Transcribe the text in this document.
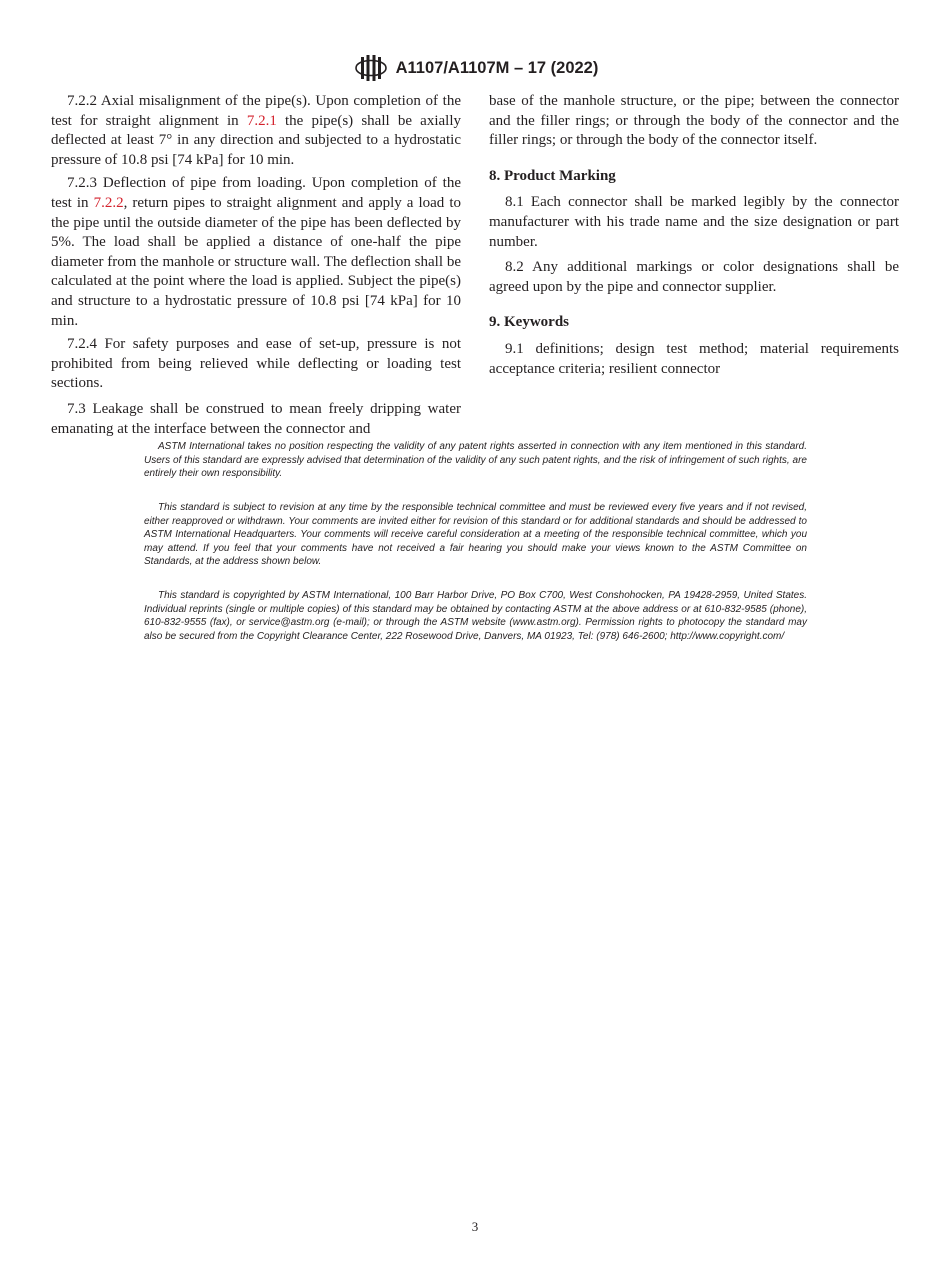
A1107/A1107M – 17 (2022)

7.2.2 Axial misalignment of the pipe(s). Upon completion of the test for straight alignment in 7.2.1 the pipe(s) shall be axially deflected at least 7° in any direction and subjected to a hydrostatic pressure of 10.8 psi [74 kPa] for 10 min.

7.2.3 Deflection of pipe from loading. Upon completion of the test in 7.2.2, return pipes to straight alignment and apply a load to the pipe until the outside diameter of the pipe has been deflected by 5%. The load shall be applied a distance of one-half the pipe diameter from the manhole or structure wall. The deflection shall be calculated at the point where the load is applied. Subject the pipe(s) and structure to a hydrostatic pressure of 10.8 psi [74 kPa] for 10 min.

7.2.4 For safety purposes and ease of set-up, pressure is not prohibited from being relieved while deflecting or loading test sections.

7.3 Leakage shall be construed to mean freely dripping water emanating at the interface between the connector and

base of the manhole structure, or the pipe; between the connector and the filler rings; or through the body of the connector and the filler rings; or through the body of the connector itself.

8. Product Marking

8.1 Each connector shall be marked legibly by the connector manufacturer with his trade name and the size designation or part number.

8.2 Any additional markings or color designations shall be agreed upon by the pipe and connector supplier.

9. Keywords

9.1 definitions; design test method; material requirements acceptance criteria; resilient connector

ASTM International takes no position respecting the validity of any patent rights asserted in connection with any item mentioned in this standard. Users of this standard are expressly advised that determination of the validity of any such patent rights, and the risk of infringement of such rights, are entirely their own responsibility.

This standard is subject to revision at any time by the responsible technical committee and must be reviewed every five years and if not revised, either reapproved or withdrawn. Your comments are invited either for revision of this standard or for additional standards and should be addressed to ASTM International Headquarters. Your comments will receive careful consideration at a meeting of the responsible technical committee, which you may attend. If you feel that your comments have not received a fair hearing you should make your views known to the ASTM Committee on Standards, at the address shown below.

This standard is copyrighted by ASTM International, 100 Barr Harbor Drive, PO Box C700, West Conshohocken, PA 19428-2959, United States. Individual reprints (single or multiple copies) of this standard may be obtained by contacting ASTM at the above address or at 610-832-9585 (phone), 610-832-9555 (fax), or service@astm.org (e-mail); or through the ASTM website (www.astm.org). Permission rights to photocopy the standard may also be secured from the Copyright Clearance Center, 222 Rosewood Drive, Danvers, MA 01923, Tel: (978) 646-2600; http://www.copyright.com/

3
